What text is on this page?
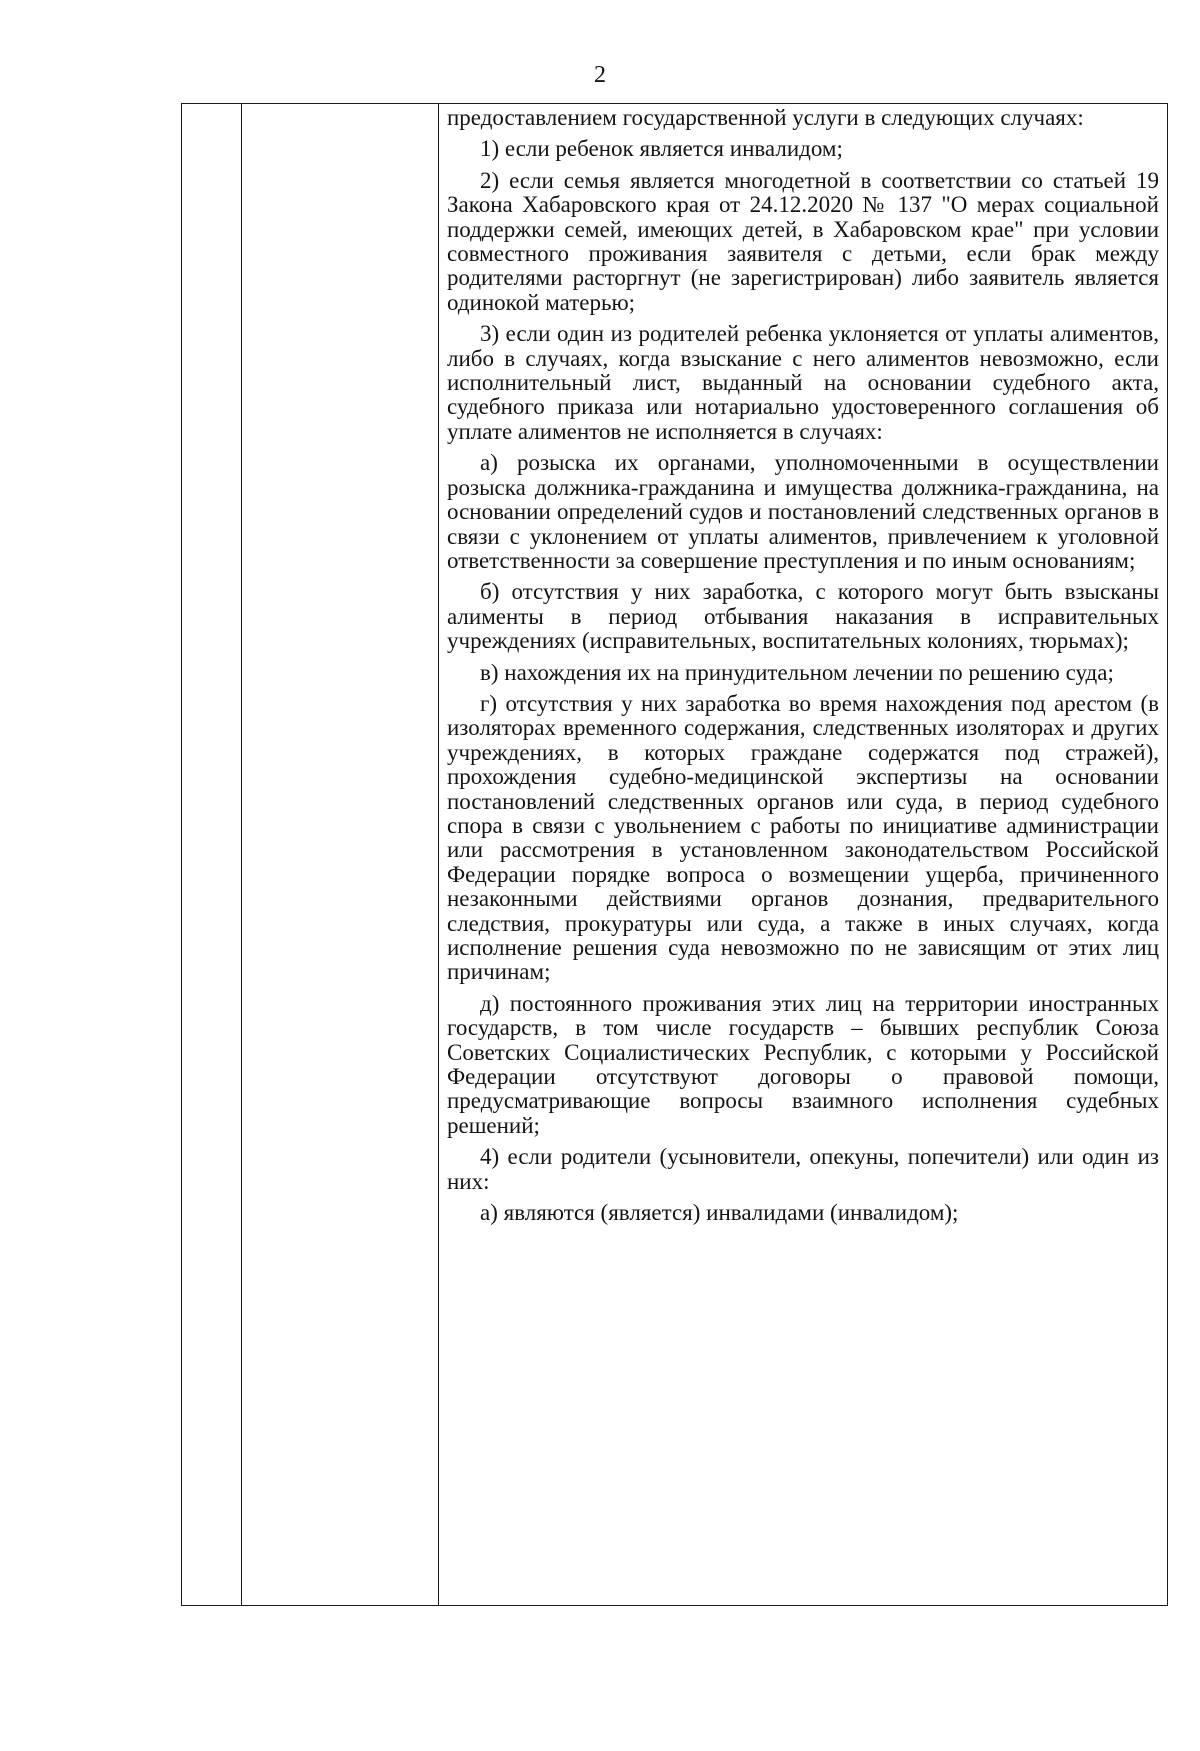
2

предоставлением государственной услуги в следующих случаях:

1) если ребенок является инвалидом;

2) если семья является многодетной в соответствии со статьей 19 Закона Хабаровского края от 24.12.2020 № 137 "О мерах социальной поддержки семей, имеющих детей, в Хабаровском крае" при условии совместного проживания заявителя с детьми, если брак между родителями расторгнут (не зарегистрирован) либо заявитель является одинокой матерью;

3) если один из родителей ребенка уклоняется от уплаты алиментов, либо в случаях, когда взыскание с него алиментов невозможно, если исполнительный лист, выданный на основании судебного акта, судебного приказа или нотариально удостоверенного соглашения об уплате алиментов не исполняется в случаях:

а) розыска их органами, уполномоченными в осуществлении розыска должника-гражданина и имущества должника-гражданина, на основании определений судов и постановлений следственных органов в связи с уклонением от уплаты алиментов, привлечением к уголовной ответственности за совершение преступления и по иным основаниям;

б) отсутствия у них заработка, с которого могут быть взысканы алименты в период отбывания наказания в исправительных учреждениях (исправительных, воспитательных колониях, тюрьмах);

в) нахождения их на принудительном лечении по решению суда;

г) отсутствия у них заработка во время нахождения под арестом (в изоляторах временного содержания, следственных изоляторах и других учреждениях, в которых граждане содержатся под стражей), прохождения судебно-медицинской экспертизы на основании постановлений следственных органов или суда, в период судебного спора в связи с увольнением с работы по инициативе администрации или рассмотрения в установленном законодательством Российской Федерации порядке вопроса о возмещении ущерба, причиненного незаконными действиями органов дознания, предварительного следствия, прокуратуры или суда, а также в иных случаях, когда исполнение решения суда невозможно по не зависящим от этих лиц причинам;

д) постоянного проживания этих лиц на территории иностранных государств, в том числе государств – бывших республик Союза Советских Социалистических Республик, с которыми у Российской Федерации отсутствуют договоры о правовой помощи, предусматривающие вопросы взаимного исполнения судебных решений;

4) если родители (усыновители, опекуны, попечители) или один из них:

а) являются (является) инвалидами (инвалидом);
